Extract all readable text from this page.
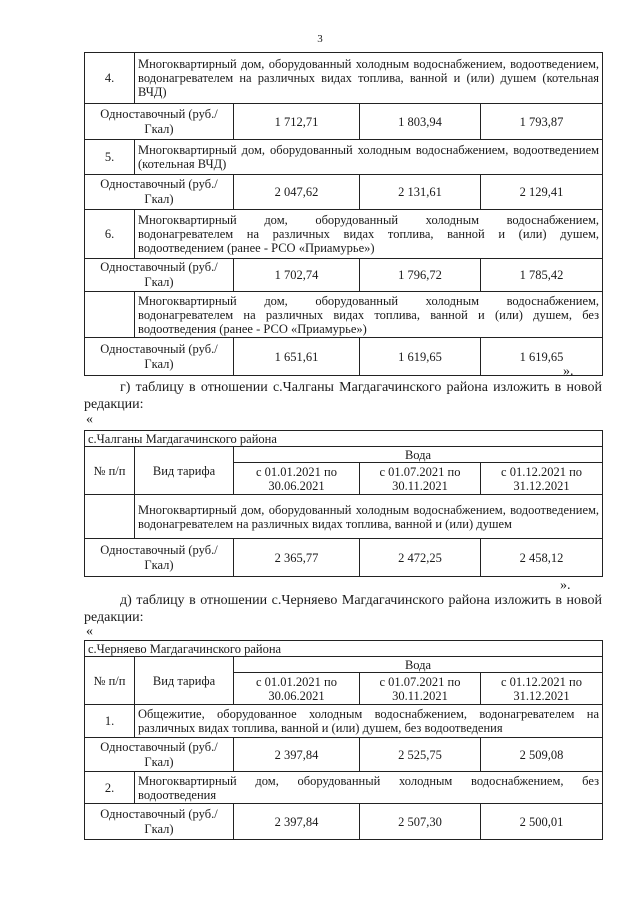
3
4.	Многоквартирный дом, оборудованный холодным водоснабжением, водоотведением, водонагревателем на различных видах топлива, ванной и (или) душем (котельная ВЧД)			
Одноставочный (руб./Гкал)		1 712,71	1 803,94	1 793,87
5.	Многоквартирный дом, оборудованный холодным водоснабжением, водоотведением (котельная ВЧД)			
Одноставочный (руб./Гкал)		2 047,62	2 131,61	2 129,41
6.	Многоквартирный дом, оборудованный холодным водоснабжением, водонагревателем на различных видах топлива, ванной и (или) душем, водоотведением (ранее - РСО «Приамурье»)			
Одноставочный (руб./Гкал)		1 702,74	1 796,72	1 785,42
	Многоквартирный дом, оборудованный холодным водоснабжением, водонагревателем на различных видах топлива, ванной и (или) душем, без водоотведения (ранее - РСО «Приамурье»)			
Одноставочный (руб./Гкал)		1 651,61	1 619,65	1 619,65
».
г) таблицу в отношении с.Чалганы Магдагачинского района изложить в новой редакции:
«
с.Чалганы Магдагачинского района				
№ п/п	Вид тарифа	Вода		
		с 01.01.2021 по 30.06.2021	с 01.07.2021 по 30.11.2021	с 01.12.2021 по 31.12.2021
	Многоквартирный дом, оборудованный холодным водоснабжением, водоотведением, водонагревателем на различных видах топлива, ванной и (или) душем			
Одноставочный (руб./Гкал)		2 365,77	2 472,25	2 458,12
».
д) таблицу в отношении с.Черняево Магдагачинского района изложить в новой редакции:
«
с.Черняево Магдагачинского района				
№ п/п	Вид тарифа	Вода		
		с 01.01.2021 по 30.06.2021	с 01.07.2021 по 30.11.2021	с 01.12.2021 по 31.12.2021
1.	Общежитие, оборудованное холодным водоснабжением, водонагревателем на различных видах топлива, ванной и (или) душем, без водоотведения			
Одноставочный (руб./Гкал)		2 397,84	2 525,75	2 509,08
2.	Многоквартирный дом, оборудованный холодным водоснабжением, без водоотведения			
Одноставочный (руб./Гкал)		2 397,84	2 507,30	2 500,01
